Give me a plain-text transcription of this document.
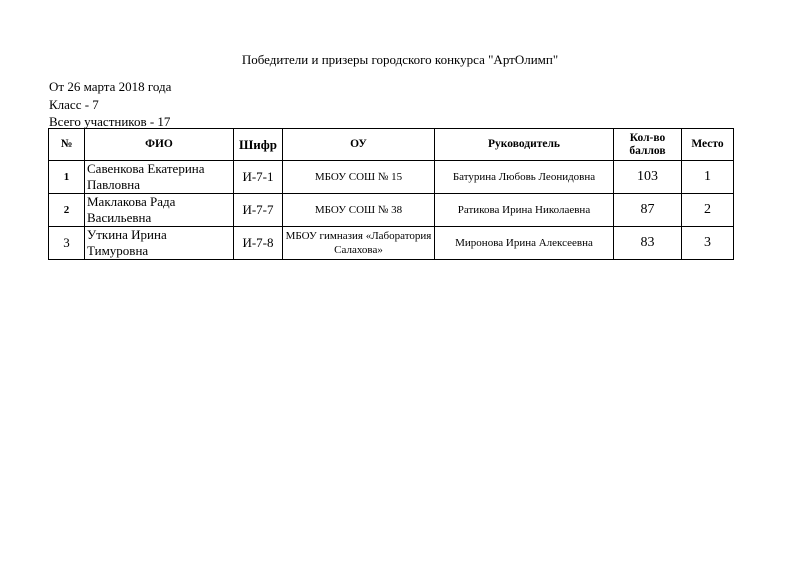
Победители и призеры городского конкурса "АртОлимп"
От 26 марта 2018 года
Класс - 7
Всего участников - 17
№	ФИО	Шифр	ОУ	Руководитель	Кол-во баллов	Место
1	Савенкова Екатерина Павловна	И-7-1	МБОУ СОШ № 15	Батурина Любовь Леонидовна	103	1
2	Маклакова Рада Васильевна	И-7-7	МБОУ СОШ № 38	Ратикова Ирина Николаевна	87	2
3	Уткина Ирина Тимуровна	И-7-8	МБОУ гимназия «Лаборатория Салахова»	Миронова Ирина Алексеевна	83	3
